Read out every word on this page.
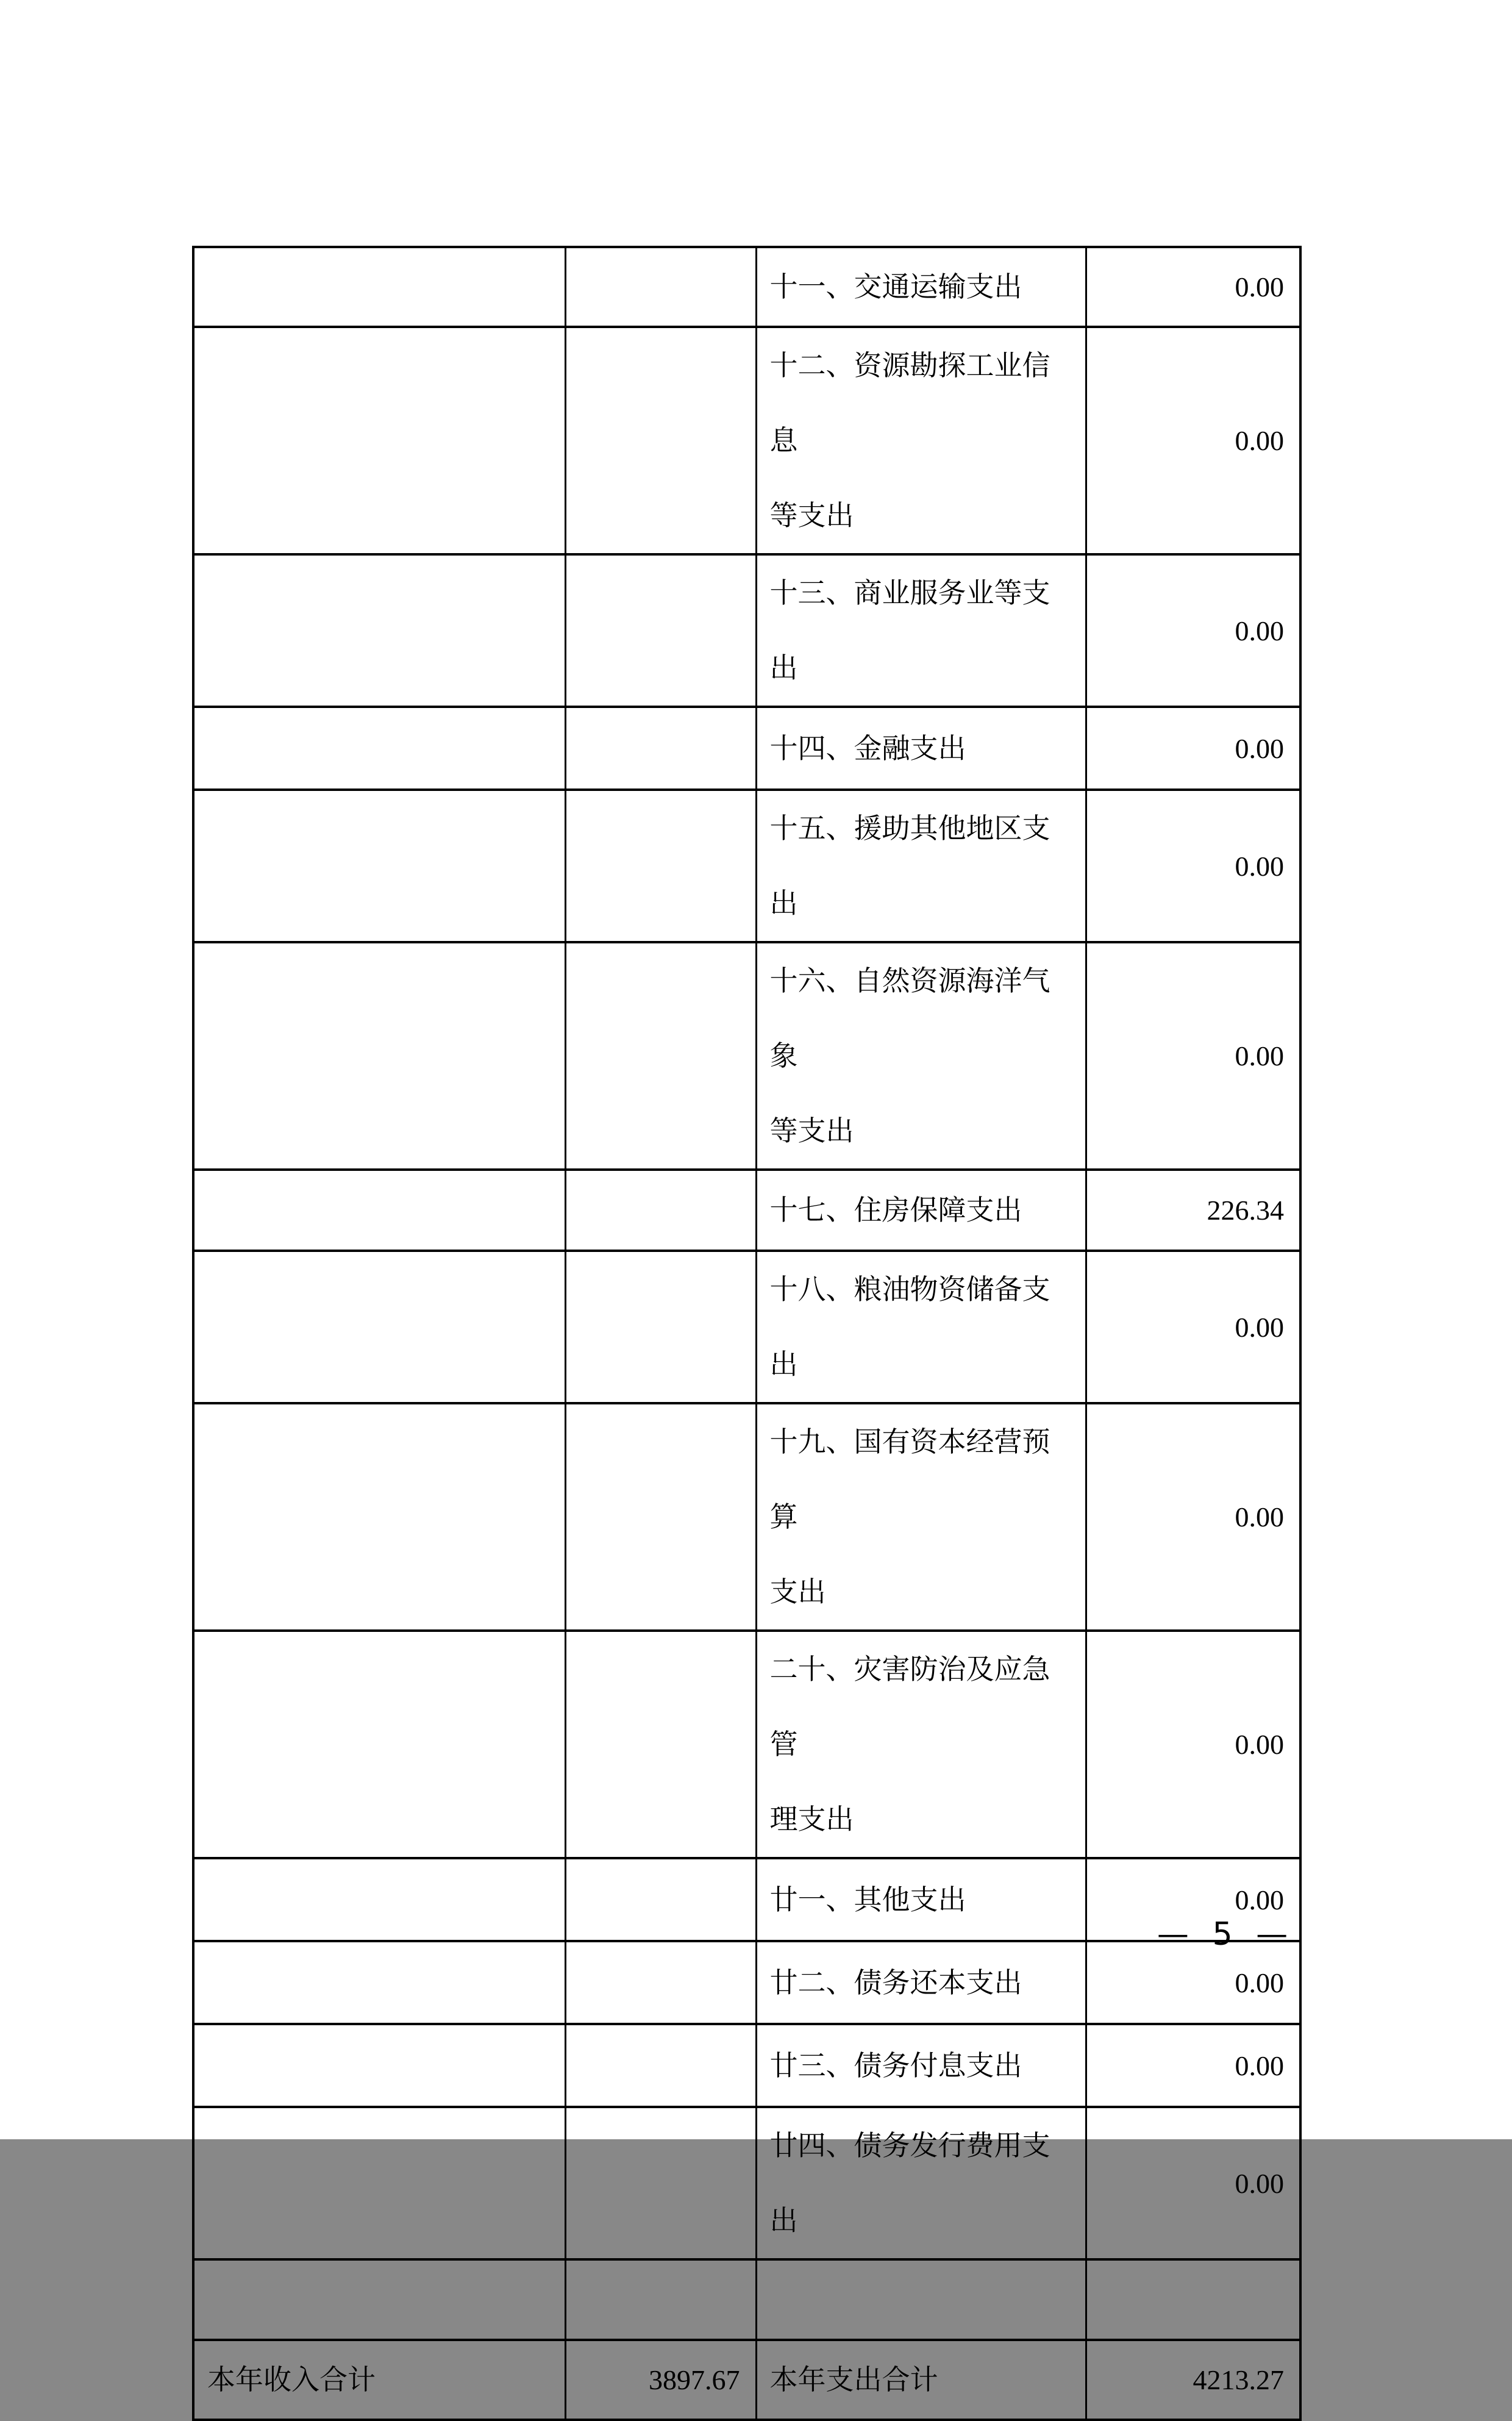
		十一、交通运输支出	0.00
		十二、资源勘探工业信息
等支出	0.00
		十三、商业服务业等支出	0.00
		十四、金融支出	0.00
		十五、援助其他地区支出	0.00
		十六、自然资源海洋气象
等支出	0.00
		十七、住房保障支出	226.34
		十八、粮油物资储备支出	0.00
		十九、国有资本经营预算
支出	0.00
		二十、灾害防治及应急管
理支出	0.00
		廿一、其他支出	0.00
		廿二、债务还本支出	0.00
		廿三、债务付息支出	0.00
		廿四、债务发行费用支出	0.00

本年收入合计	3897.67	本年支出合计	4213.27
— 5 —
